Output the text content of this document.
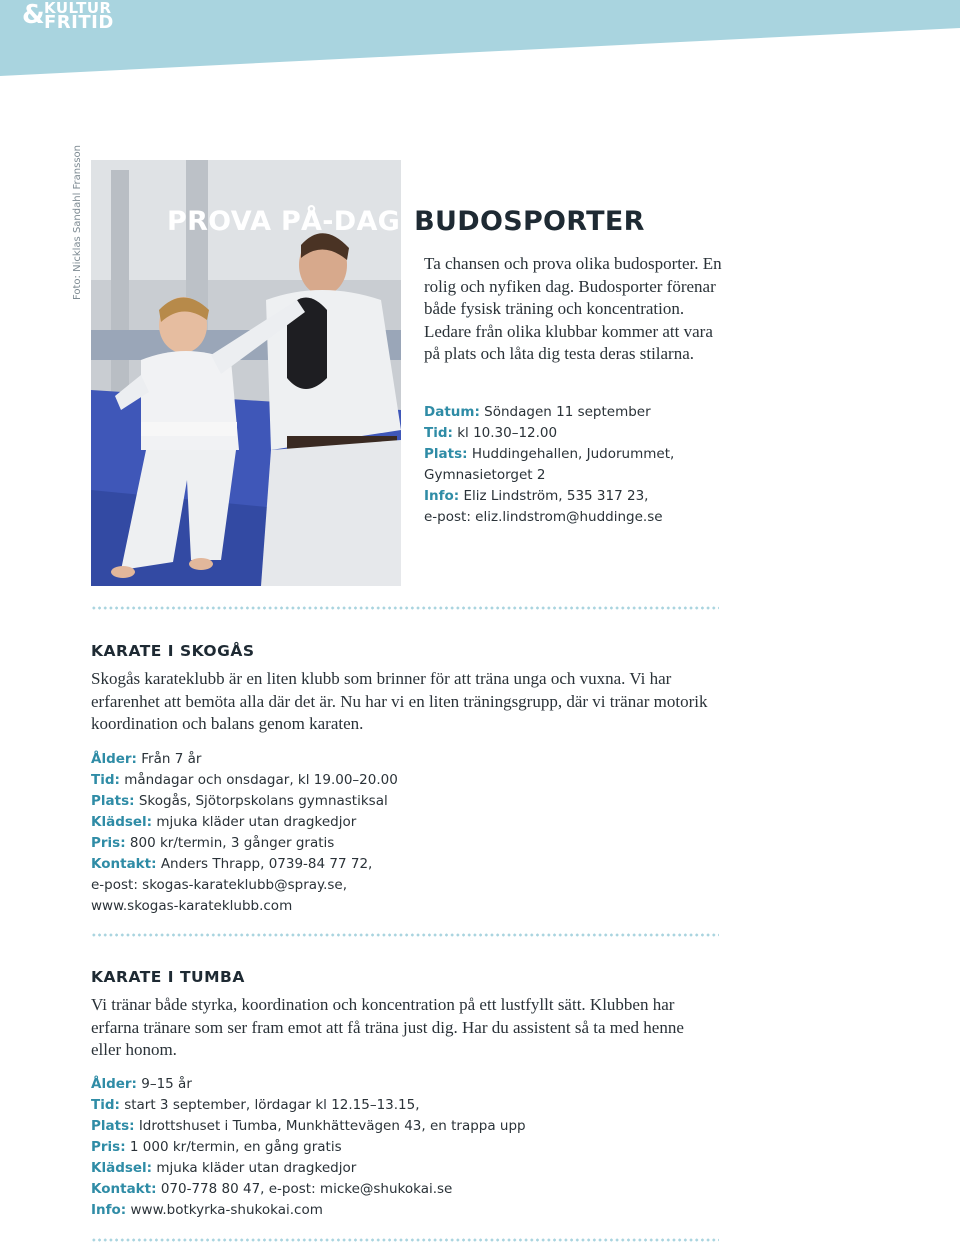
& KULTUR
FRITID
Foto: Nicklas Sandahl Fransson	PROVA PÅ-DAG BUDOSPORTER
Ta chansen och prova olika budosporter. En rolig och nyfiken dag. Budosporter förenar både fysisk träning och koncentration. Ledare från olika klubbar kommer att vara på plats och låta dig testa deras stilarna.
Datum: Söndagen 11 september
Tid: kl 10.30–12.00
Plats: Huddingehallen, Judorummet,
Gymnasietorget 2
Info: Eliz Lindström, 535 317 23,
e-post: eliz.lindstrom@huddinge.se
KARATE I SKOGÅS
Skogås karateklubb är en liten klubb som brinner för att träna unga och vuxna. Vi har erfarenhet att bemöta alla där det är. Nu har vi en liten träningsgrupp, där vi tränar motorik koordination och balans genom karaten.
Ålder: Från 7 år
Tid: måndagar och onsdagar, kl 19.00–20.00
Plats: Skogås, Sjötorpskolans gymnastiksal
Klädsel: mjuka kläder utan dragkedjor
Pris: 800 kr/termin, 3 gånger gratis
Kontakt: Anders Thrapp, 0739-84 77 72,
e-post: skogas-karateklubb@spray.se,
www.skogas-karateklubb.com
KARATE I TUMBA
Vi tränar både styrka, koordination och koncentration på ett lustfyllt sätt. Klubben har erfarna tränare som ser fram emot att få träna just dig. Har du assistent så ta med henne eller honom.
Ålder: 9–15 år
Tid: start 3 september, lördagar kl 12.15–13.15,
Plats: Idrottshuset i Tumba, Munkhättevägen 43, en trappa upp
Pris: 1 000 kr/termin, en gång gratis
Klädsel: mjuka kläder utan dragkedjor
Kontakt: 070-778 80 47, e-post: micke@shukokai.se
Info: www.botkyrka-shukokai.com
